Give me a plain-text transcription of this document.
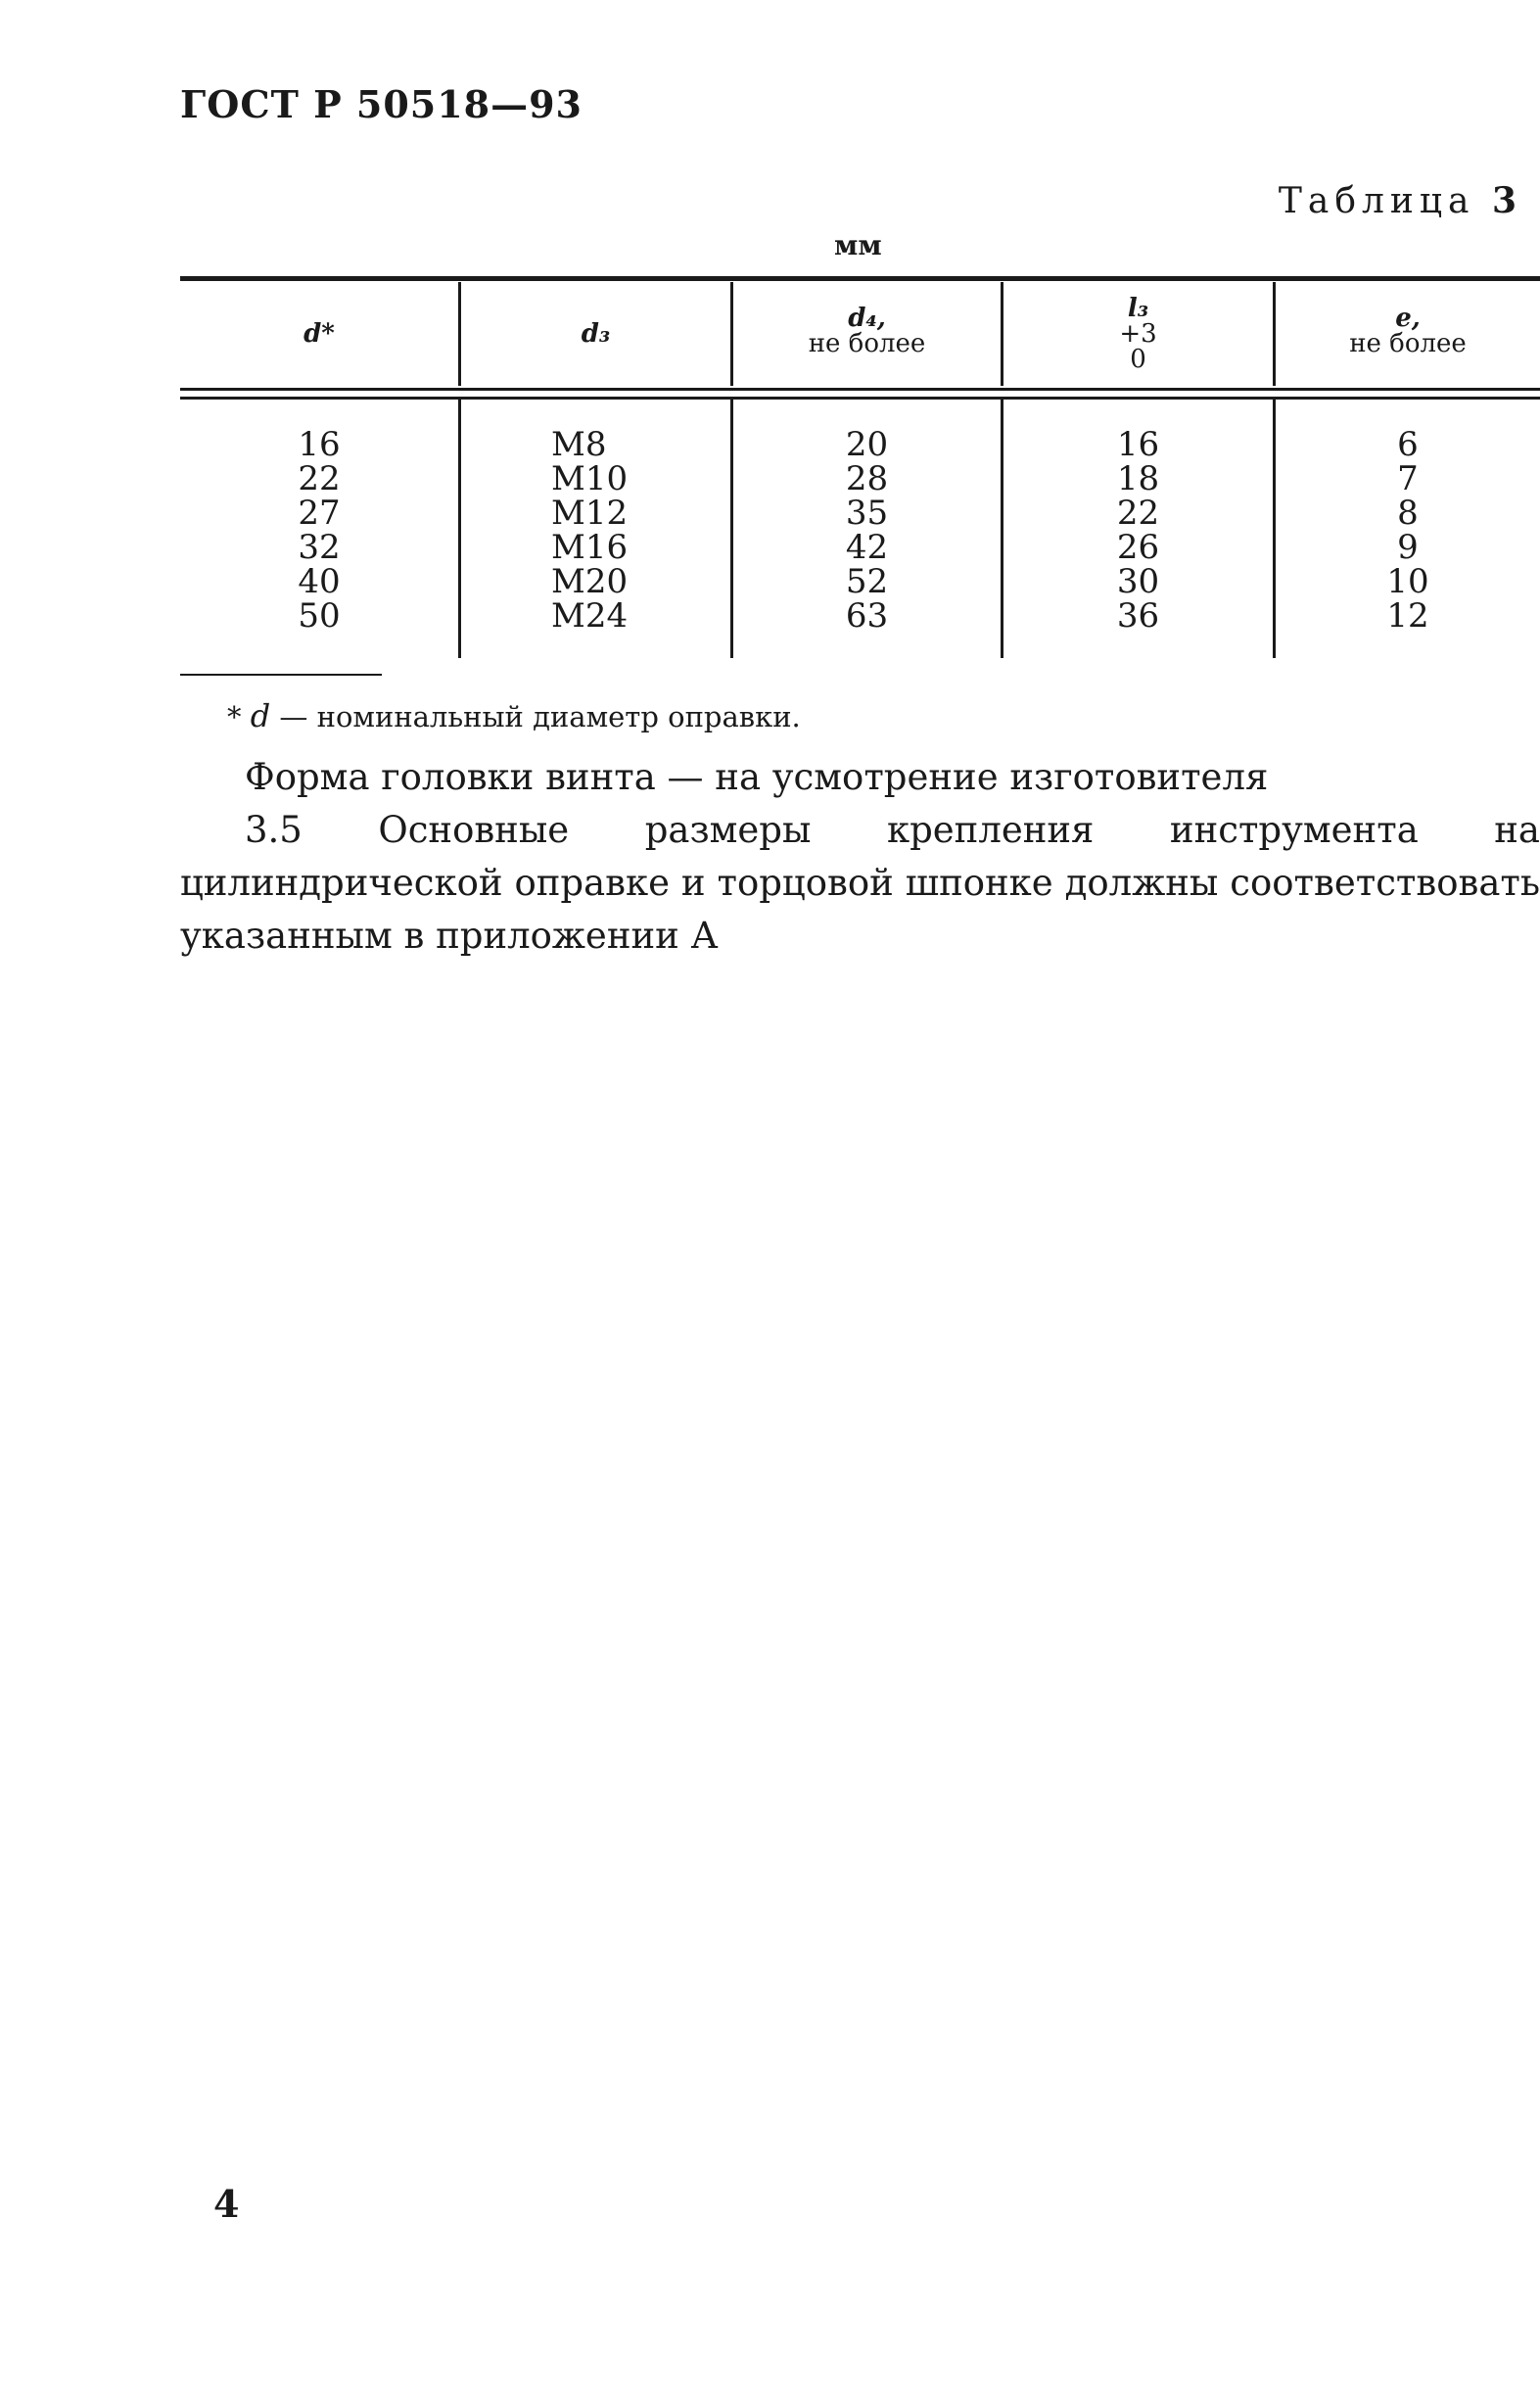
ГОСТ Р 50518—93
Таблица 3
мм
d*	d₃
d₄,
не более
l₃
+3
0
e,
не более
16
22
27
32
40
50
M8
M10
M12
M16
M20
M24
20
28
35
42
52
63
16
18
22
26
30
36
6
7
8
9
10
12
* d — номинальный диаметр оправки.
Форма головки винта — на усмотрение изготовителя
3.5 Основные размеры крепления инструмента на цилиндрической оправке и торцовой шпонке должны соответствовать указанным в приложении А
4
